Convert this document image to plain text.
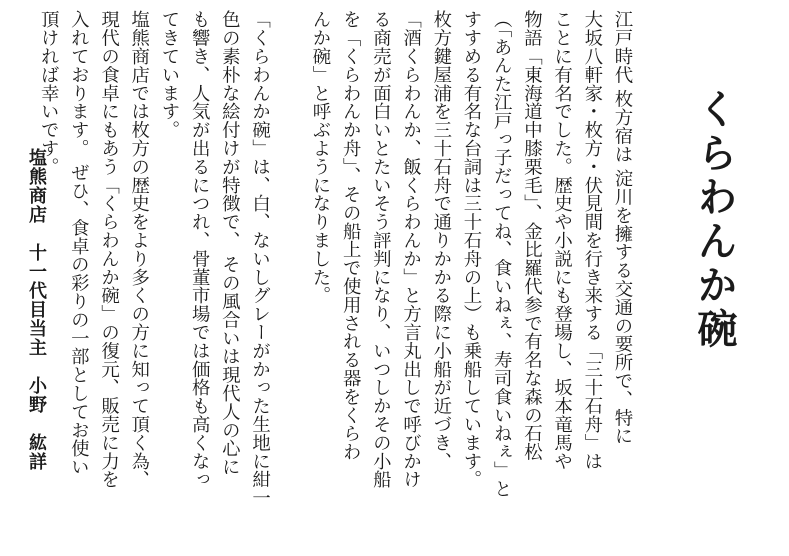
くらわんか碗
江戸時代 枚方宿は 淀川を擁する交通の要所で、特に
大坂八軒家・枚方・伏見間を行き来する「三十石舟」は
ことに有名でした。歴史や小説にも登場し、坂本竜馬や
物語「東海道中膝栗毛」、金比羅代参で有名な森の石松
（「あんた江戸っ子だってね、食いねぇ、寿司食いねぇ」と
すすめる有名な台詞は三十石舟の上）も乗船しています。
枚方鍵屋浦を三十石舟で通りかかる際に小船が近づき、
「酒くらわんか、飯くらわんか」と方言丸出しで呼びかけ
る商売が面白いとたいそう評判になり、いつしかその小船
を「くらわんか舟」、その船上で使用される器をくらわ
んか碗」と呼ぶようになりました。

「くらわんか碗」は、白、ないしグレーがかった生地に紺一
色の素朴な絵付けが特徴で、 その風合いは現代人の心に
も響き、人気が出るにつれ、骨董市場では価格も高くなっ
てきています。
塩熊商店では枚方の歴史をより多くの方に知って頂く為、
現代の食卓にもあう「くらわんか碗」の復元、販売に力を
入れております。 ぜひ、食卓の彩りの一部としてお使い
頂ければ幸いです。
塩熊商店　十一代目当主　小野　紘詳
